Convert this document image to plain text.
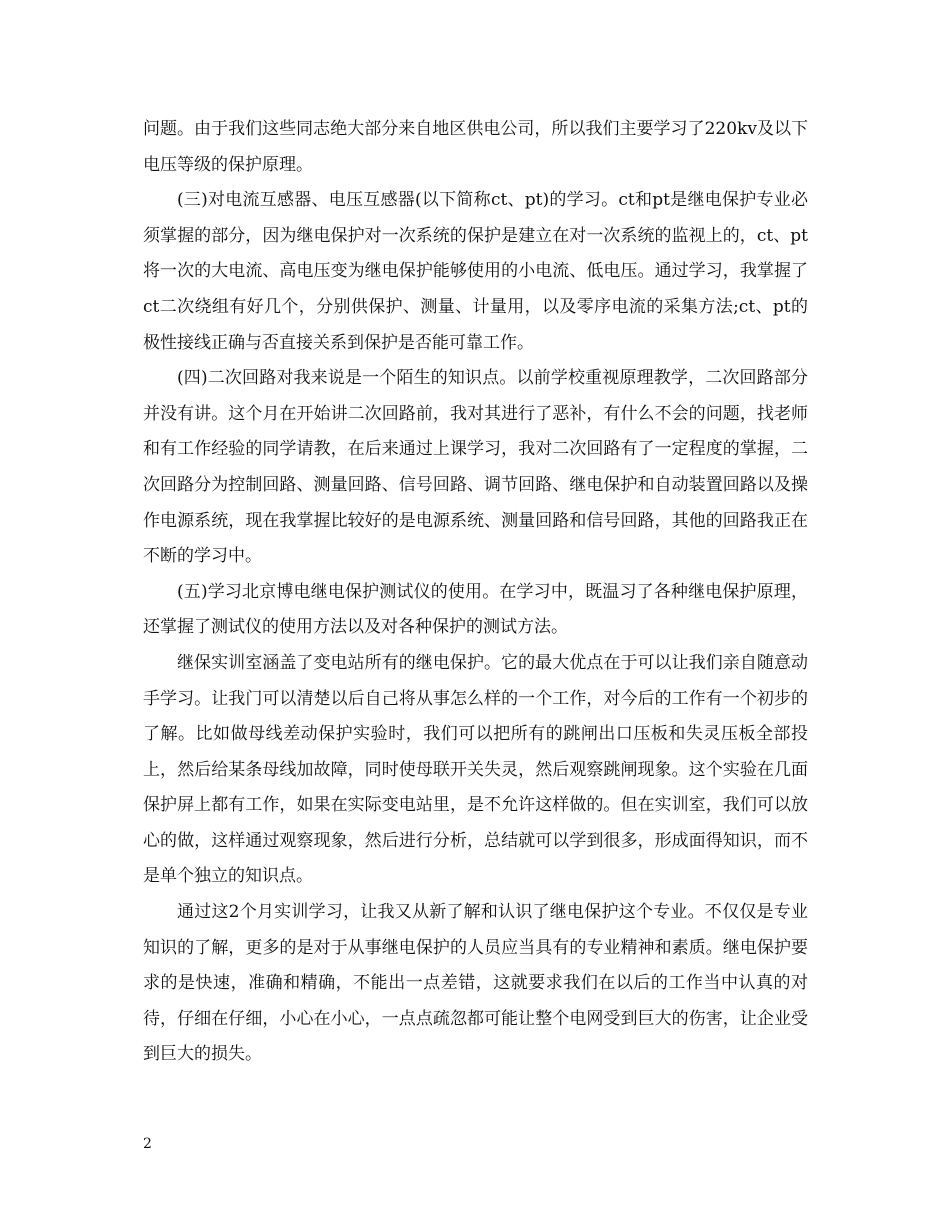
问题。由于我们这些同志绝大部分来自地区供电公司，所以我们主要学习了220kv及以下电压等级的保护原理。

(三)对电流互感器、电压互感器(以下简称ct、pt)的学习。ct和pt是继电保护专业必须掌握的部分，因为继电保护对一次系统的保护是建立在对一次系统的监视上的，ct、pt将一次的大电流、高电压变为继电保护能够使用的小电流、低电压。通过学习，我掌握了ct二次绕组有好几个，分别供保护、测量、计量用，以及零序电流的采集方法;ct、pt的极性接线正确与否直接关系到保护是否能可靠工作。

(四)二次回路对我来说是一个陌生的知识点。以前学校重视原理教学，二次回路部分并没有讲。这个月在开始讲二次回路前，我对其进行了恶补，有什么不会的问题，找老师和有工作经验的同学请教，在后来通过上课学习，我对二次回路有了一定程度的掌握，二次回路分为控制回路、测量回路、信号回路、调节回路、继电保护和自动装置回路以及操作电源系统，现在我掌握比较好的是电源系统、测量回路和信号回路，其他的回路我正在不断的学习中。

(五)学习北京博电继电保护测试仪的使用。在学习中，既温习了各种继电保护原理，还掌握了测试仪的使用方法以及对各种保护的测试方法。

继保实训室涵盖了变电站所有的继电保护。它的最大优点在于可以让我们亲自随意动手学习。让我门可以清楚以后自己将从事怎么样的一个工作，对今后的工作有一个初步的了解。比如做母线差动保护实验时，我们可以把所有的跳闸出口压板和失灵压板全部投上，然后给某条母线加故障，同时使母联开关失灵，然后观察跳闸现象。这个实验在几面保护屏上都有工作，如果在实际变电站里，是不允许这样做的。但在实训室，我们可以放心的做，这样通过观察现象，然后进行分析，总结就可以学到很多，形成面得知识，而不是单个独立的知识点。

通过这2个月实训学习，让我又从新了解和认识了继电保护这个专业。不仅仅是专业知识的了解，更多的是对于从事继电保护的人员应当具有的专业精神和素质。继电保护要求的是快速，准确和精确，不能出一点差错，这就要求我们在以后的工作当中认真的对待，仔细在仔细，小心在小心，一点点疏忽都可能让整个电网受到巨大的伤害，让企业受到巨大的损失。

2
